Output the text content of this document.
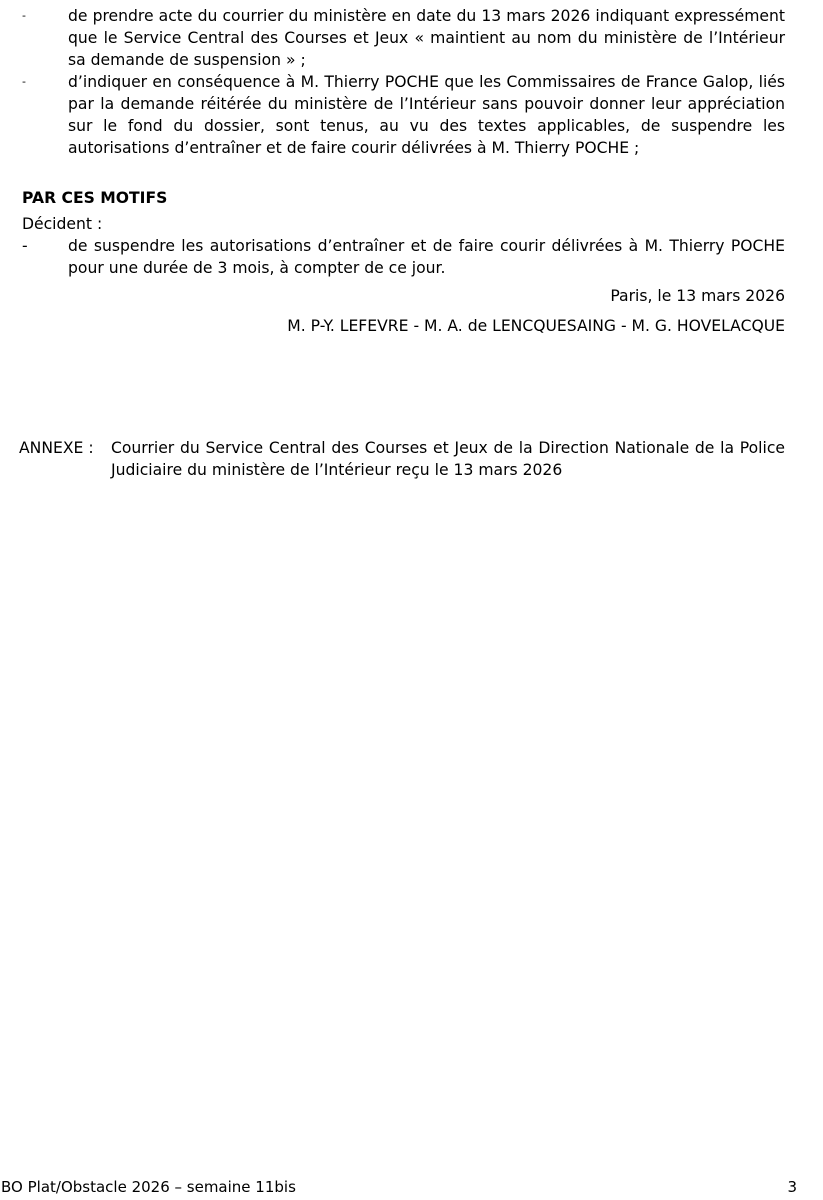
-	de prendre acte du courrier du ministère en date du 13 mars 2026 indiquant expressément que le Service Central des Courses et Jeux « maintient au nom du ministère de l’Intérieur sa demande de suspension » ;
-	d’indiquer en conséquence à M. Thierry POCHE que les Commissaires de France Galop, liés par la demande réitérée du ministère de l’Intérieur sans pouvoir donner leur appréciation sur le fond du dossier, sont tenus, au vu des textes applicables, de suspendre les autorisations d’entraîner et de faire courir délivrées à M. Thierry POCHE ;
PAR CES MOTIFS
Décident :
-	de suspendre les autorisations d’entraîner et de faire courir délivrées à M. Thierry POCHE pour une durée de 3 mois, à compter de ce jour.
Paris, le 13 mars 2026
M. P-Y. LEFEVRE - M. A. de LENCQUESAING - M. G. HOVELACQUE
ANNEXE :	Courrier du Service Central des Courses et Jeux de la Direction Nationale de la Police Judiciaire du ministère de l’Intérieur reçu le 13 mars 2026
BO Plat/Obstacle 2026 – semaine 11bis	3
